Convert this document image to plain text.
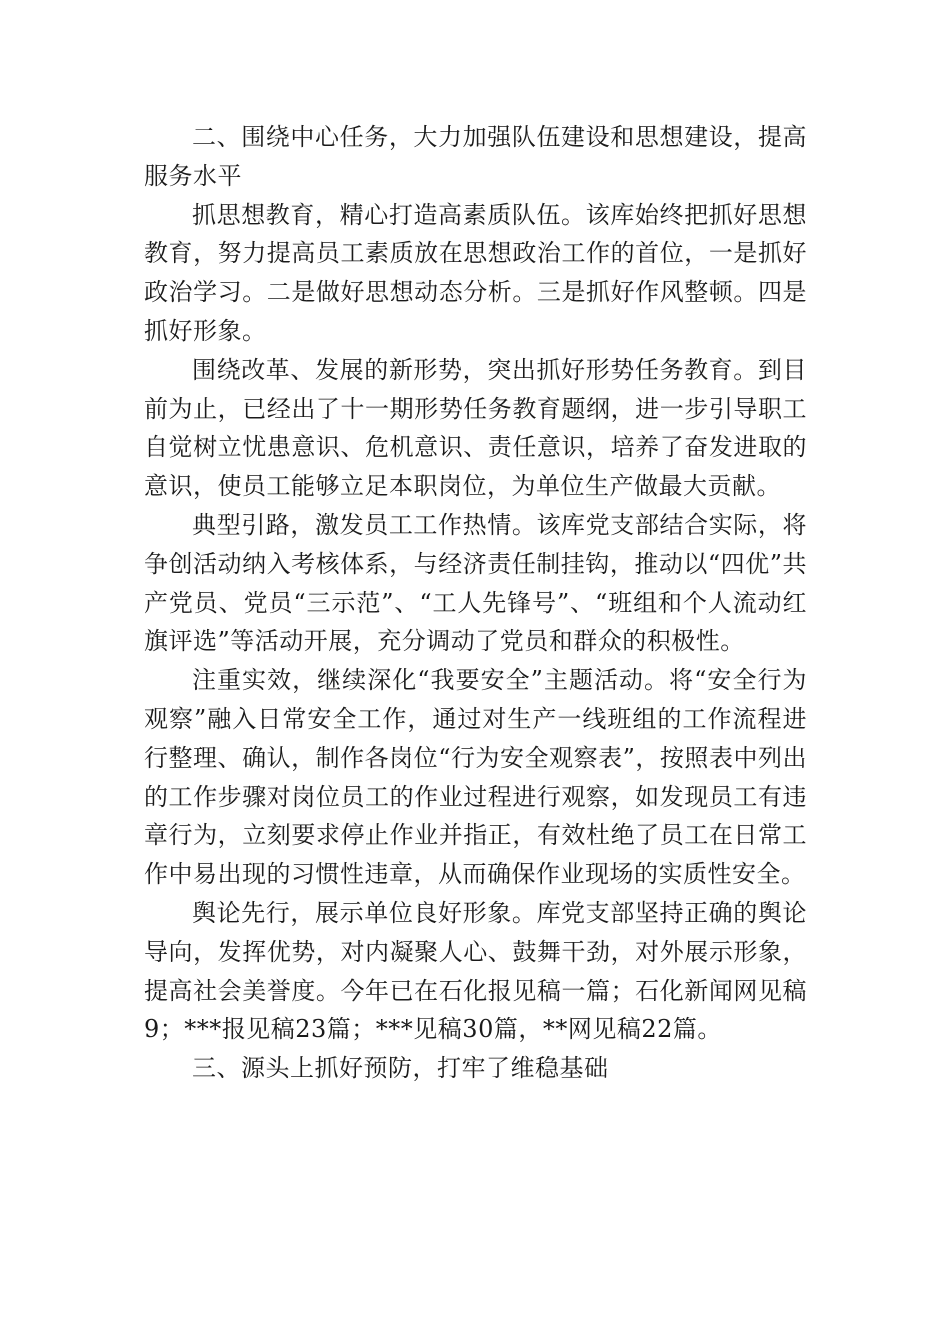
二、围绕中心任务，大力加强队伍建设和思想建设，提高服务水平

抓思想教育，精心打造高素质队伍。该库始终把抓好思想教育，努力提高员工素质放在思想政治工作的首位，一是抓好政治学习。二是做好思想动态分析。三是抓好作风整顿。四是抓好形象。

围绕改革、发展的新形势，突出抓好形势任务教育。到目前为止，已经出了十一期形势任务教育题纲，进一步引导职工自觉树立忧患意识、危机意识、责任意识，培养了奋发进取的意识，使员工能够立足本职岗位，为单位生产做最大贡献。

典型引路，激发员工工作热情。该库党支部结合实际，将争创活动纳入考核体系，与经济责任制挂钩，推动以“四优”共产党员、党员“三示范”、“工人先锋号”、“班组和个人流动红旗评选”等活动开展，充分调动了党员和群众的积极性。

注重实效，继续深化“我要安全”主题活动。将“安全行为观察”融入日常安全工作，通过对生产一线班组的工作流程进行整理、确认，制作各岗位“行为安全观察表”，按照表中列出的工作步骤对岗位员工的作业过程进行观察，如发现员工有违章行为，立刻要求停止作业并指正，有效杜绝了员工在日常工作中易出现的习惯性违章，从而确保作业现场的实质性安全。

舆论先行，展示单位良好形象。库党支部坚持正确的舆论导向，发挥优势，对内凝聚人心、鼓舞干劲，对外展示形象，提高社会美誉度。今年已在石化报见稿一篇；石化新闻网见稿9；***报见稿23篇；***见稿30篇，**网见稿22篇。

三、源头上抓好预防，打牢了维稳基础
